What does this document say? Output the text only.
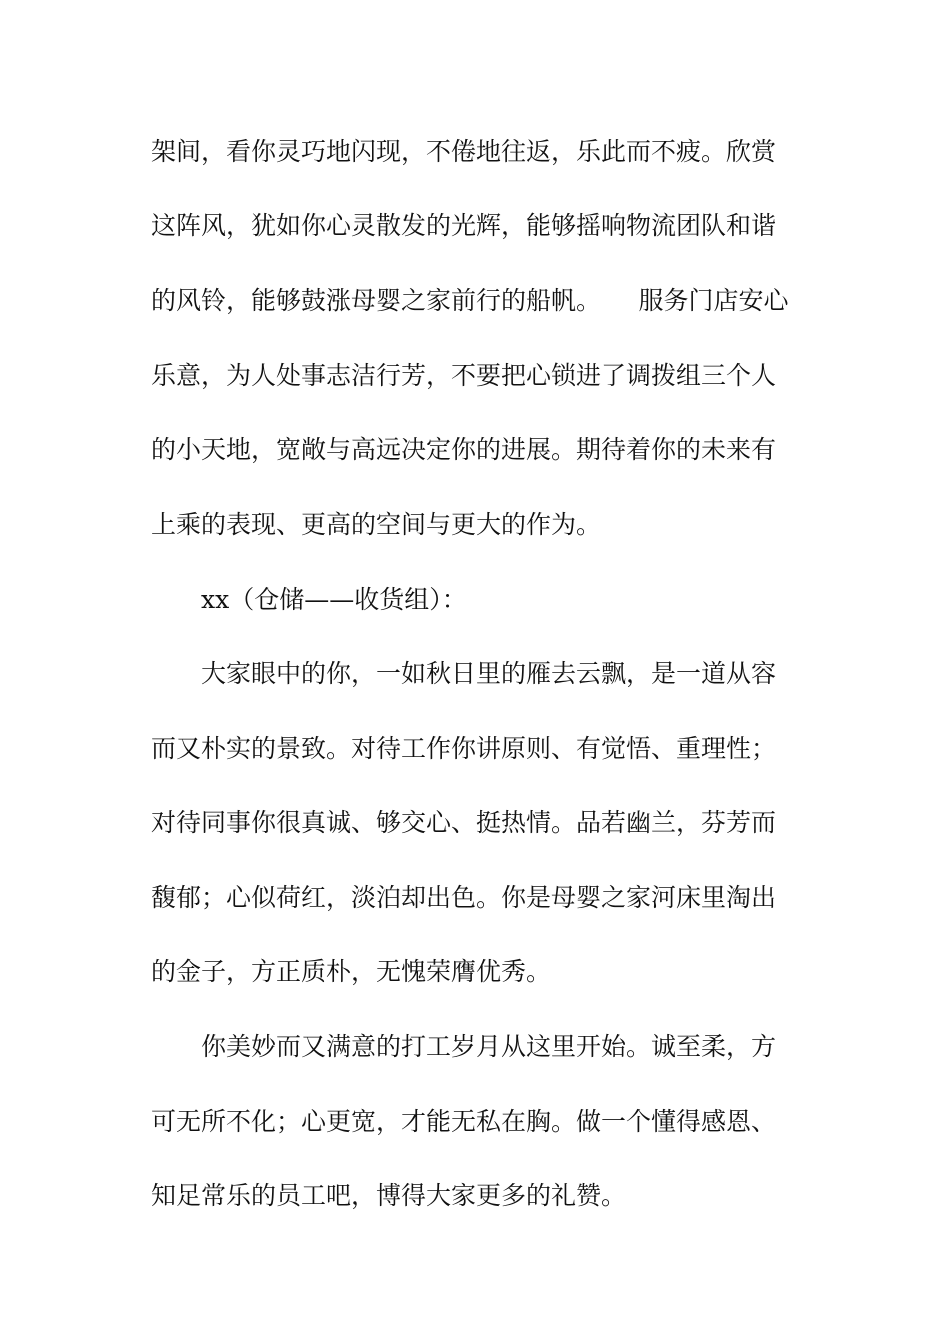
架间，看你灵巧地闪现，不倦地往返，乐此而不疲。欣赏
这阵风，犹如你心灵散发的光辉，能够摇响物流团队和谐
的风铃，能够鼓涨母婴之家前行的船帆。　　服务门店安心
乐意，为人处事志洁行芳，不要把心锁进了调拨组三个人
的小天地，宽敞与高远决定你的进展。期待着你的未来有
上乘的表现、更高的空间与更大的作为。
xx（仓储——收货组）：
大家眼中的你，一如秋日里的雁去云飘，是一道从容
而又朴实的景致。对待工作你讲原则、有觉悟、重理性；
对待同事你很真诚、够交心、挺热情。品若幽兰，芬芳而
馥郁；心似荷红，淡泊却出色。你是母婴之家河床里淘出
的金子，方正质朴，无愧荣膺优秀。
你美妙而又满意的打工岁月从这里开始。诚至柔，方
可无所不化；心更宽，才能无私在胸。做一个懂得感恩、
知足常乐的员工吧，博得大家更多的礼赞。
